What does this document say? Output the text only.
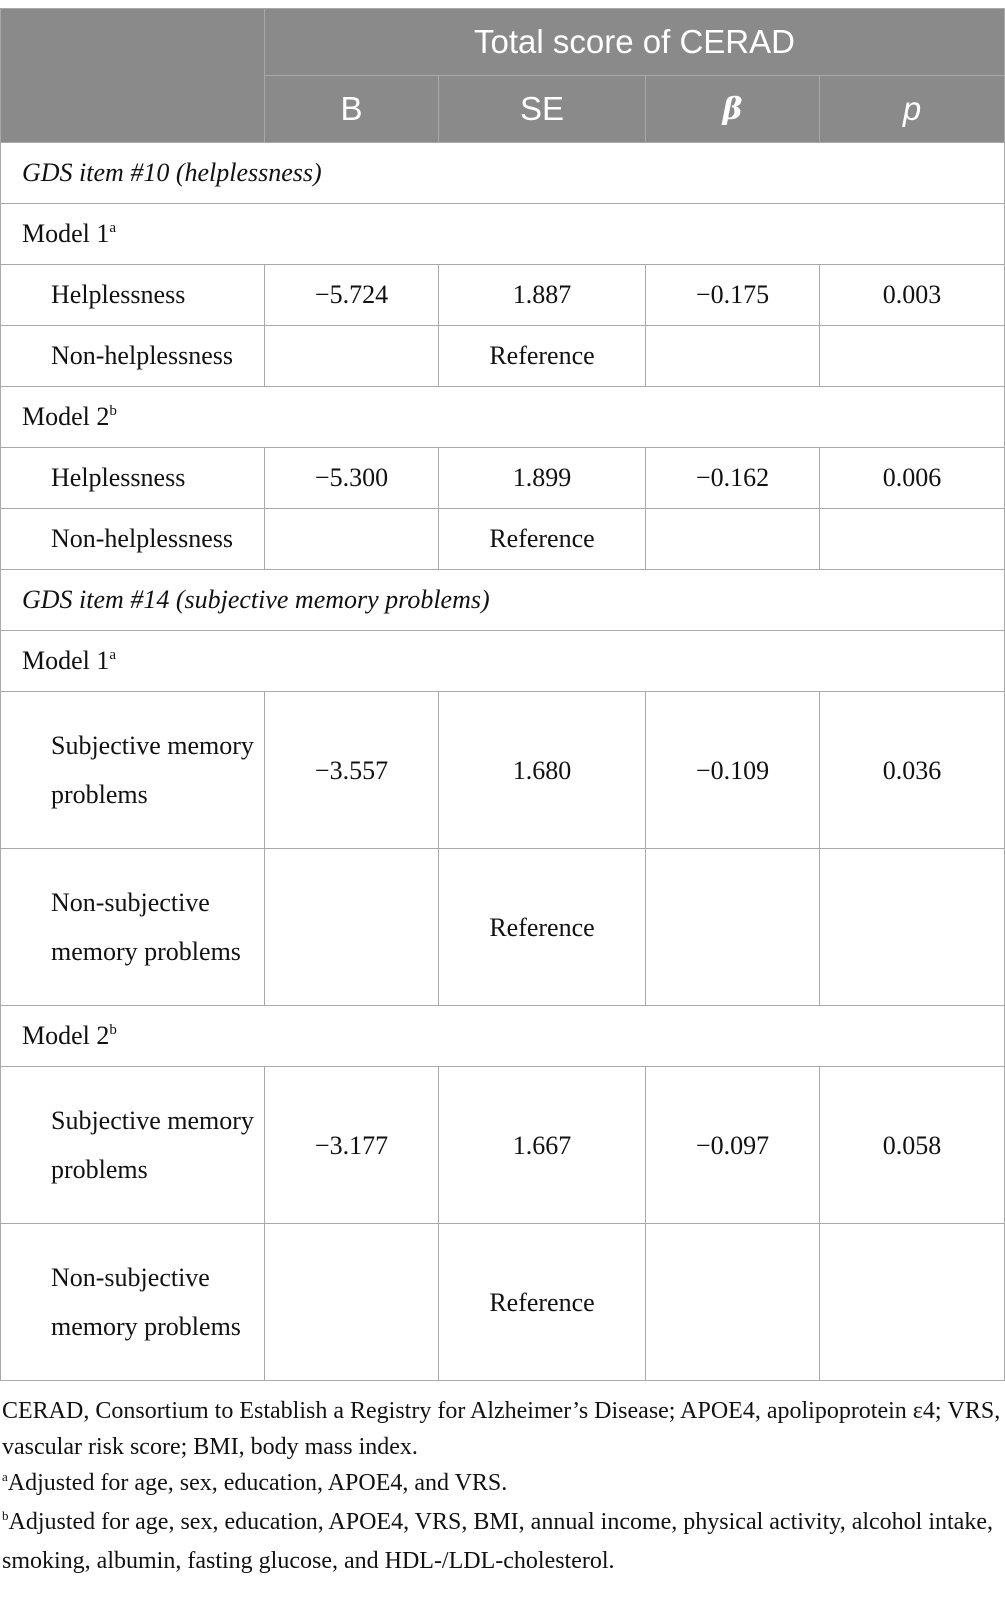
	Total score of CERAD			
	B	SE	β	p
GDS item #10 (helplessness)				
Model 1$^a$
Helplessness	−5.724	1.887	−0.175	0.003
Non-helplessness		Reference		
Model 2$^b$
Helplessness	−5.300	1.899	−0.162	0.006
Non-helplessness		Reference		
GDS item #14 (subjective memory problems)				
Model 1$^a$
Subjective memory problems	−3.557	1.680	−0.109	0.036
Non-subjective memory problems		Reference		
Model 2$^b$
Subjective memory problems	−3.177	1.667	−0.097	0.058
Non-subjective memory problems		Reference		

CERAD, Consortium to Establish a Registry for Alzheimer’s Disease; APOE4, apolipoprotein ε4; VRS, vascular risk score; BMI, body mass index.

$^a$Adjusted for age, sex, education, APOE4, and VRS.

$^b$Adjusted for age, sex, education, APOE4, VRS, BMI, annual income, physical activity, alcohol intake, smoking, albumin, fasting glucose, and HDL-/LDL-cholesterol.
